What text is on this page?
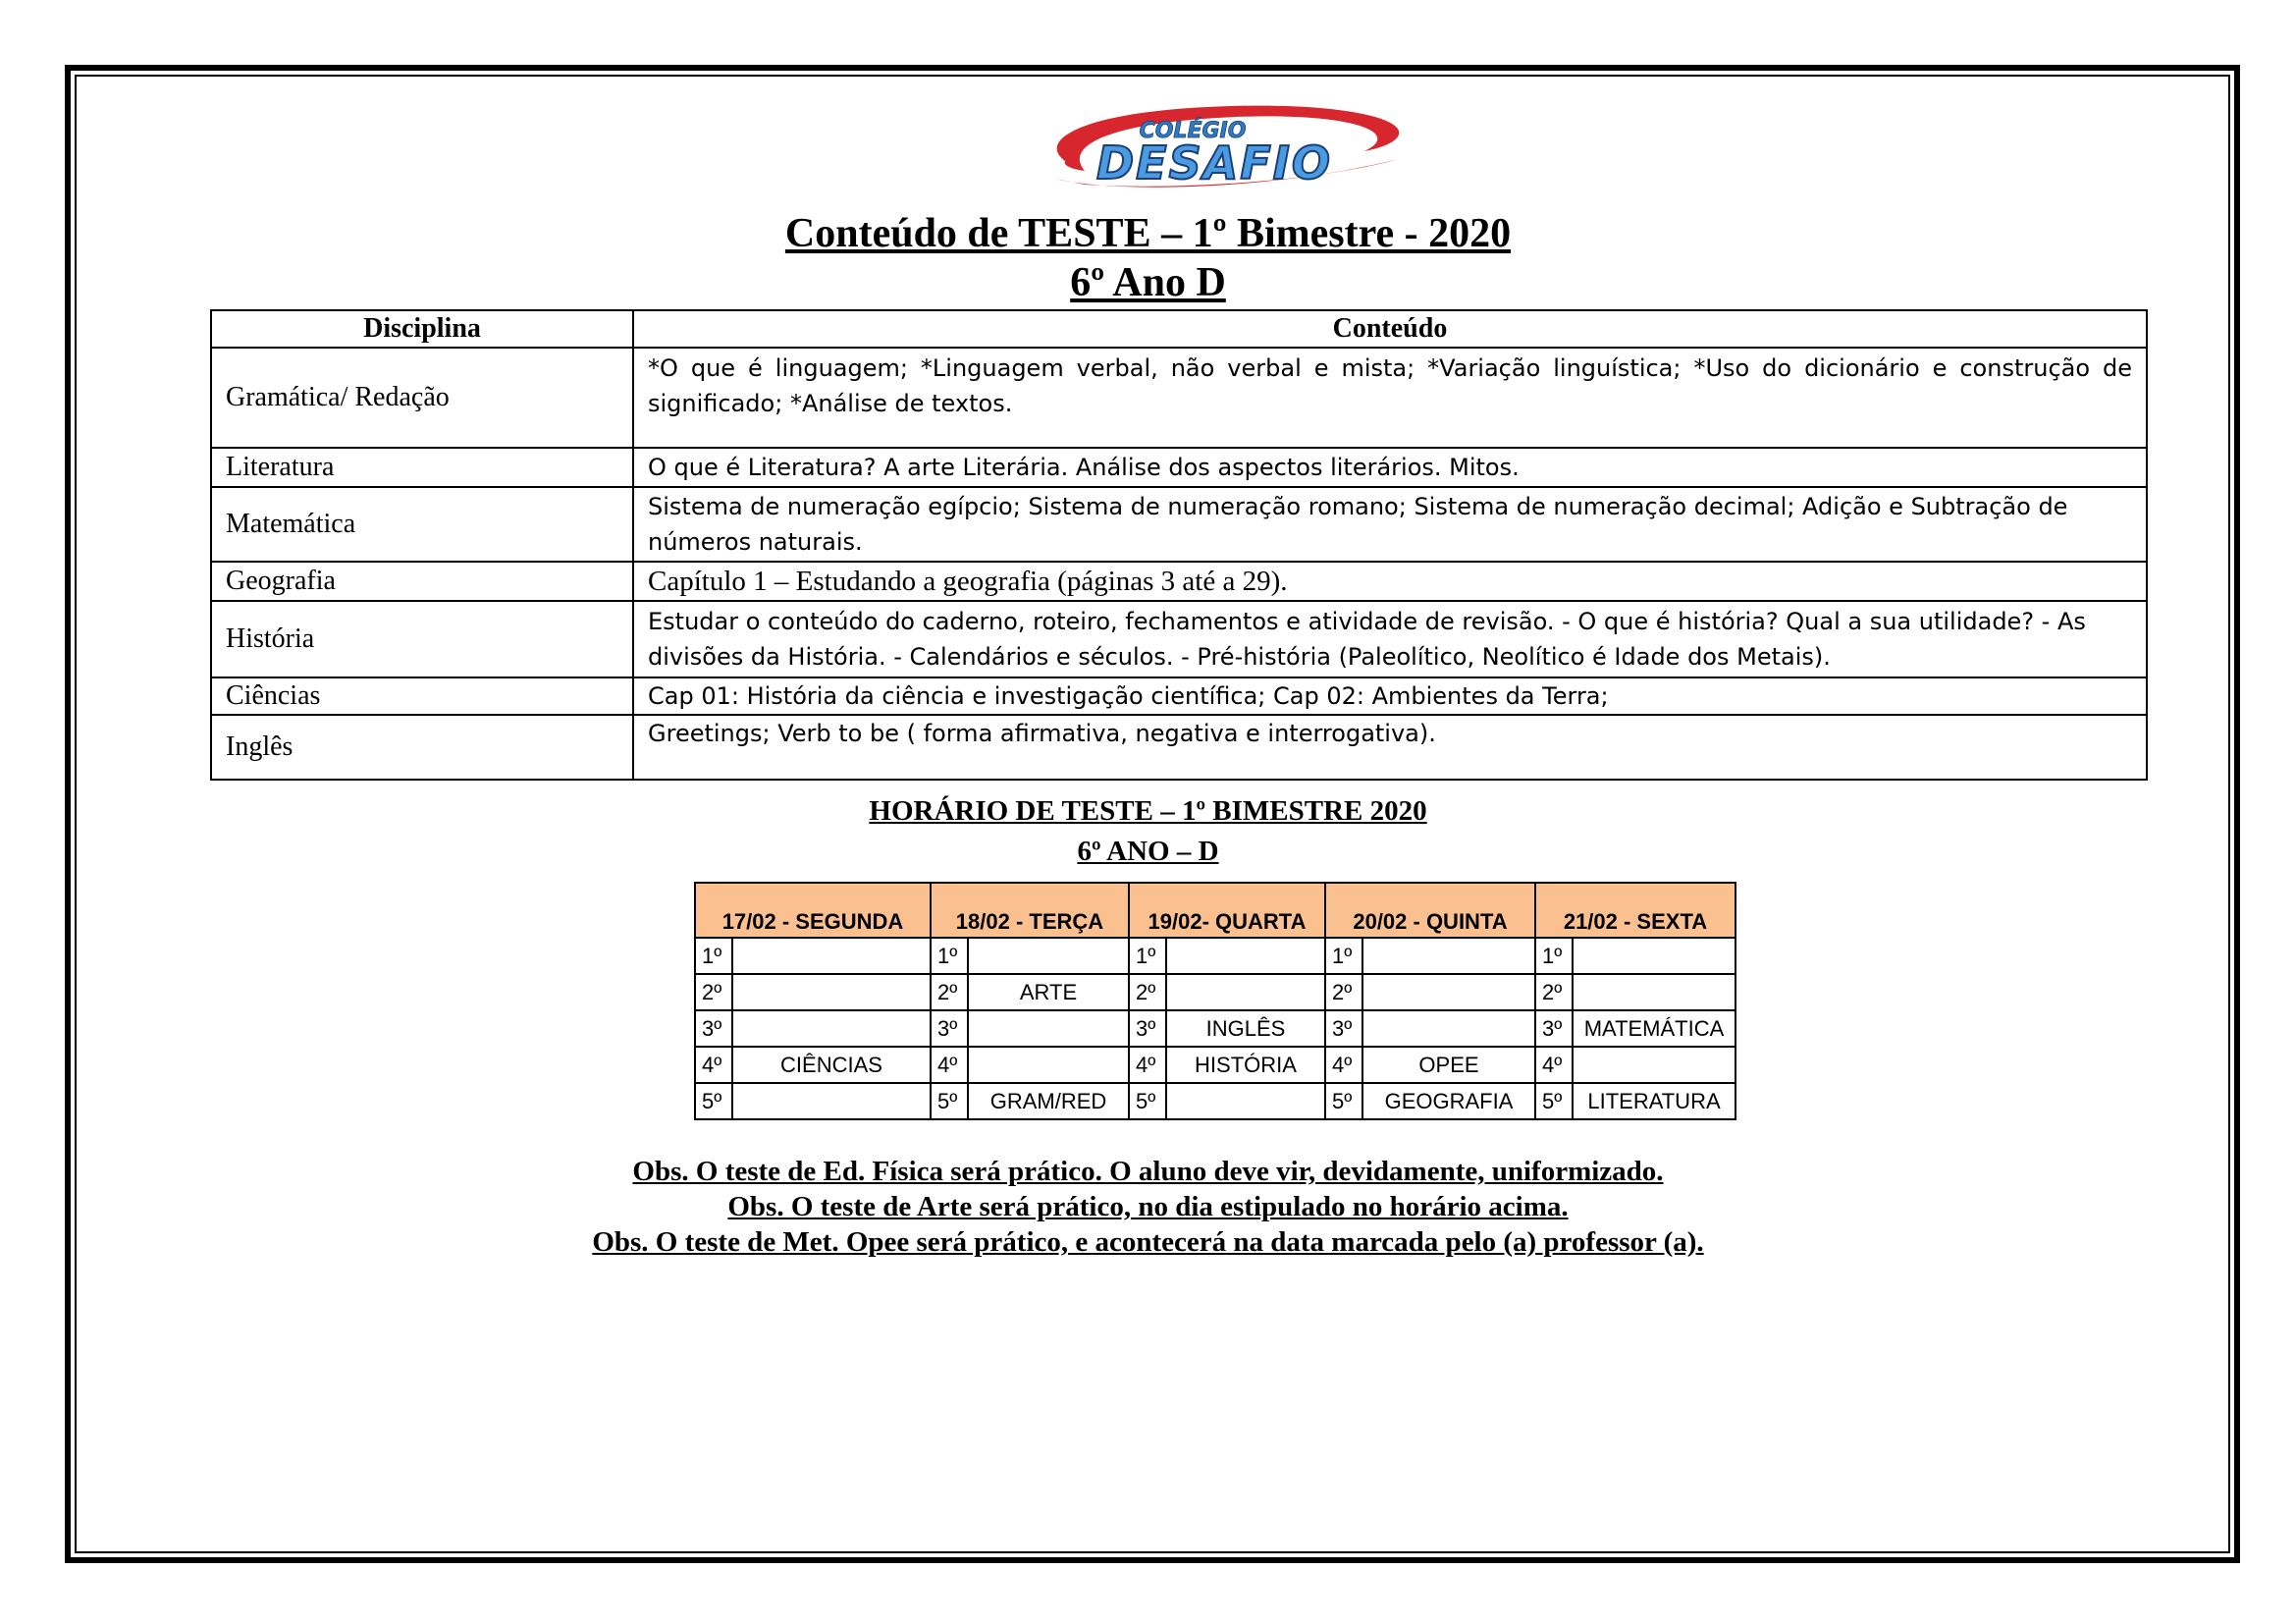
COLÉGIO
DESAFIO
Conteúdo de TESTE – 1º Bimestre - 2020
6º Ano D
Disciplina	Conteúdo
Gramática/ Redação	*O que é linguagem; *Linguagem verbal, não verbal e mista; *Variação linguística; *Uso do dicionário e construção de significado; *Análise de textos.
Literatura	O que é Literatura? A arte Literária. Análise dos aspectos literários. Mitos.
Matemática	Sistema de numeração egípcio; Sistema de numeração romano; Sistema de numeração decimal; Adição e Subtração de números naturais.
Geografia	Capítulo 1 – Estudando a geografia (páginas 3 até a 29).
História	Estudar o conteúdo do caderno, roteiro, fechamentos e atividade de revisão. - O que é história? Qual a sua utilidade? - As divisões da História. - Calendários e séculos. - Pré-história (Paleolítico, Neolítico é Idade dos Metais).
Ciências	Cap 01: História da ciência e investigação científica; Cap 02: Ambientes da Terra;
Inglês	Greetings; Verb to be ( forma afirmativa, negativa e interrogativa).
HORÁRIO DE TESTE – 1º BIMESTRE 2020
6º ANO – D
17/02 - SEGUNDA		18/02 - TERÇA		19/02- QUARTA		20/02 - QUINTA		21/02 - SEXTA	
1º		1º		1º		1º		1º	
2º		2º	ARTE	2º		2º		2º	
3º		3º		3º	INGLÊS	3º		3º	MATEMÁTICA
4º	CIÊNCIAS	4º		4º	HISTÓRIA	4º	OPEE	4º	
5º		5º	GRAM/RED	5º		5º	GEOGRAFIA	5º	LITERATURA
Obs. O teste de Ed. Física será prático. O aluno deve vir, devidamente, uniformizado.
Obs. O teste de Arte será prático, no dia estipulado no horário acima.
Obs. O teste de Met. Opee será prático, e acontecerá na data marcada pelo (a) professor (a).
